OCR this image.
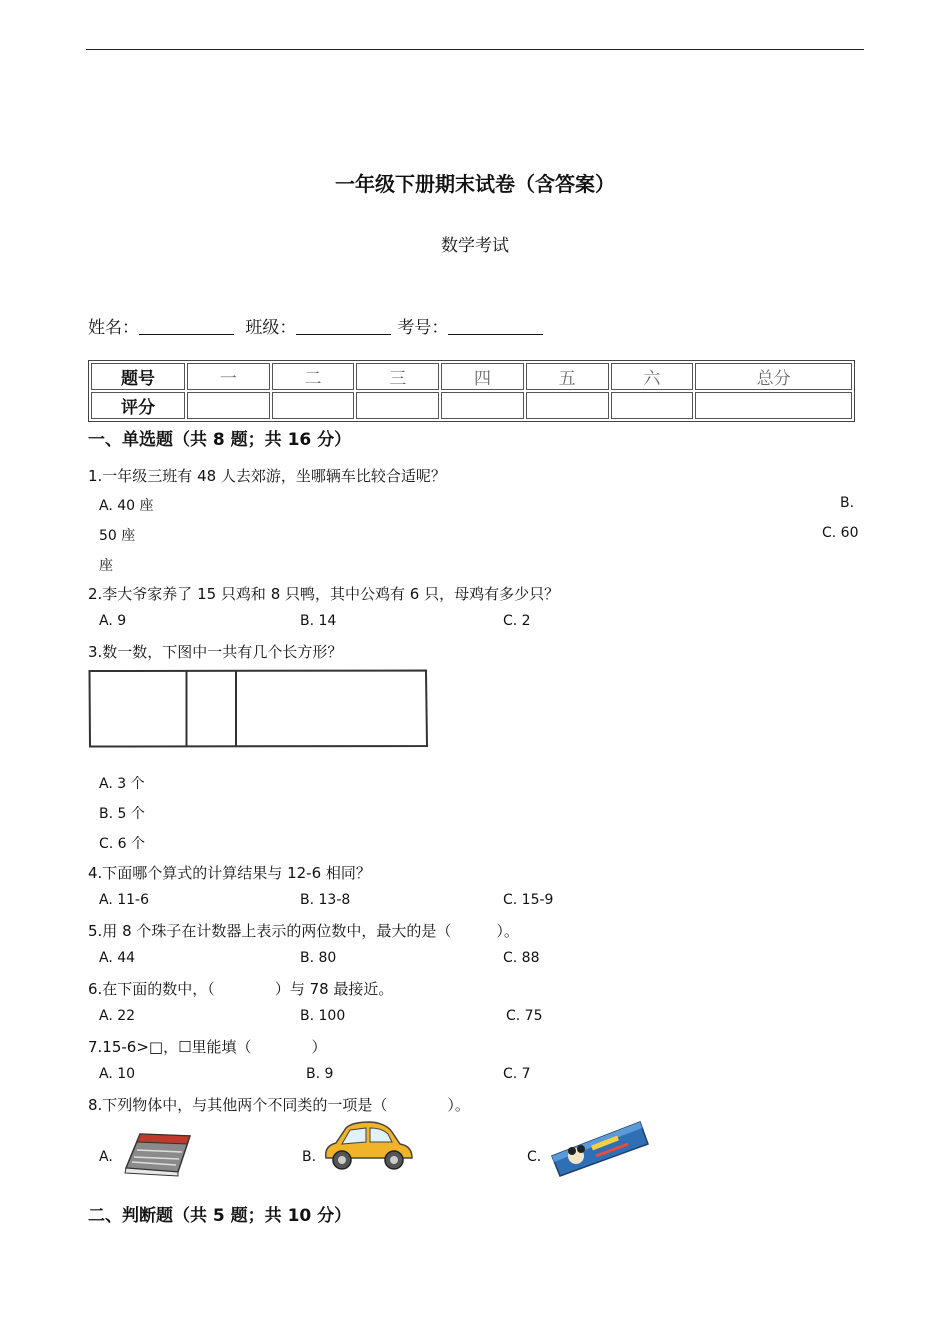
一年级下册期末试卷（含答案）
数学考试
姓名：	班级：	考号：
题号	一	二	三	四	五	六	总分
评分							
一、单选题（共 8 题；共 16 分）
1.一年级三班有 48 人去郊游，坐哪辆车比较合适呢？
A. 40 座	B.
50 座	C. 60
座
2.李大爷家养了 15 只鸡和 8 只鸭，其中公鸡有 6 只，母鸡有多少只？
A. 9	B. 14	C. 2
3.数一数，下图中一共有几个长方形？
A. 3 个
B. 5 个
C. 6 个
4.下面哪个算式的计算结果与 12-6 相同？
A. 11-6	B. 13-8	C. 15-9
5.用 8 个珠子在计数器上表示的两位数中，最大的是（　　　）。
A. 44	B. 80	C. 88
6.在下面的数中，（　　　　）与 78 最接近。
A. 22	B. 100	C. 75
7.15-6>□，☐里能填（　　　　）
A. 10	B. 9	C. 7
8.下列物体中，与其他两个不同类的一项是（　　　　）。
A.	B.	C.
二、判断题（共 5 题；共 10 分）
